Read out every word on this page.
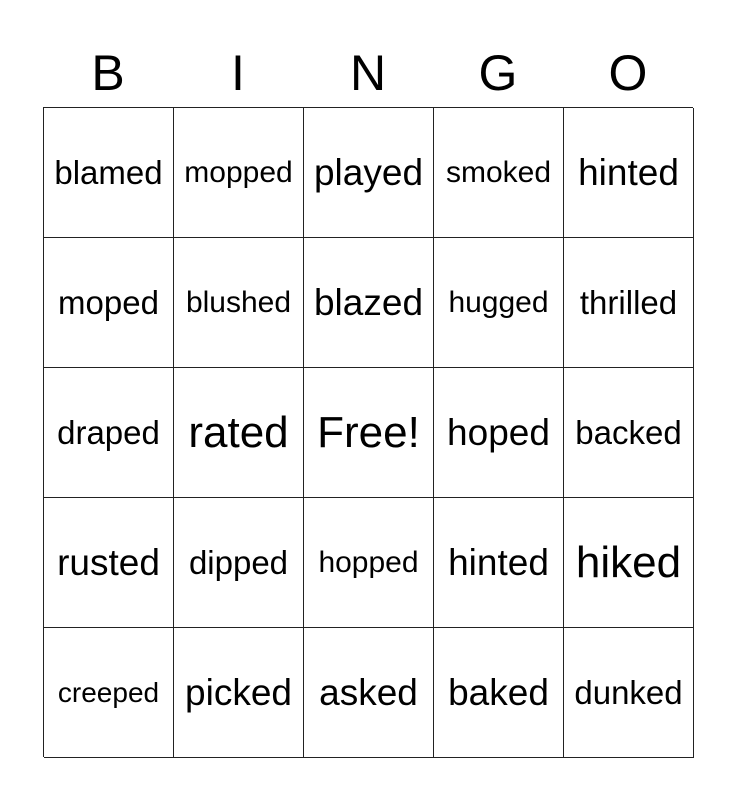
B	I	N	G	O
blamed mopped played smoked hinted
moped blushed blazed hugged thrilled
draped rated Free! hoped backed
rusted dipped	hopped hinted hiked
creeped picked asked baked dunked
